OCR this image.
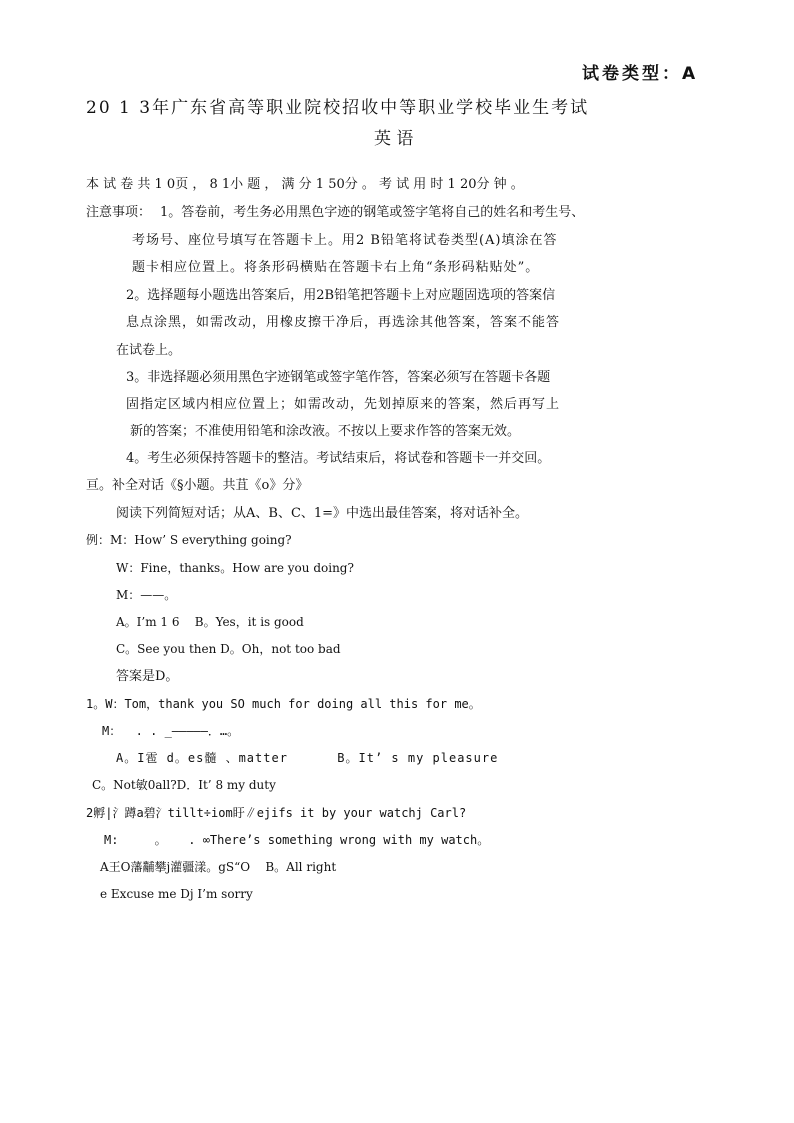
试卷类型：A
20 1 3年广东省高等职业院校招收中等职业学校毕业生考试
英 语
本 试 卷 共 1 0页 ， 8 1小 题 ， 满 分 1 50分 。 考 试 用 时 1 20分 钟 。
注意事项： 1。答卷前，考生务必用黑色字迹的钢笔或签字笔将自己的姓名和考生号、
考场号、座位号填写在答题卡上。用2 B铅笔将试卷类型(A)填涂在答
题卡相应位置上。将条形码横贴在答题卡右上角“条形码粘贴处”。
2。选择题每小题选出答案后，用2B铅笔把答题卡上对应题固选项的答案信
息点涂黑，如需改动，用橡皮擦干净后，再选涂其他答案，答案不能答
在试卷上。
3。非选择题必须用黑色字迹钢笔或签字笔作答，答案必须写在答题卡各题
固指定区域内相应位置上；如需改动，先划掉原来的答案，然后再写上
新的答案；不准使用铅笔和涂改液。不按以上要求作答的答案无效。
4。考生必须保持答题卡的整洁。考试结束后，将试卷和答题卡一并交回。
亘。补全对话《§小题。共苴《о》分》
阅读下列简短对话；从A、B、C、1=》中选出最佳答案，将对话补全。
例：M：How’ S everything going?
W：Fine，thanks。How are you doing?
M：——。
A。I’m 1 6    B。Yes，it is good
C。See you then D。Oh，not too bad
答案是D。
1。W：Tom，thank you SO much for doing all this for me。
M：  . . _—————．…。
A。I雹 d。es髓 、matter      B。It’ s my pleasure
C。Not敏0all?D．It’ 8 my duty
2孵|氵蹲a碧氵tillt÷iom盱∥ejifs it by your watchj Carl?
M:     。   . ∞There’s something wrong with my watch。
A王O藩黼攀j灌疆漾。gS“O    B。All right
e Excuse me Dj I’m sorry
